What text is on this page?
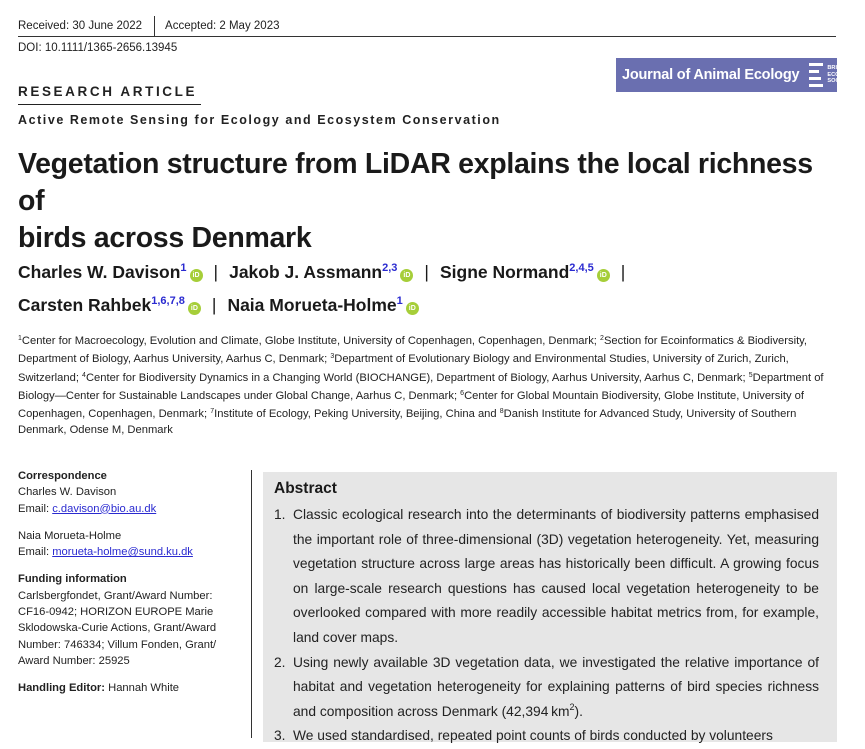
Received: 30 June 2022 Accepted: 2 May 2023
DOI: 10.1111/1365-2656.13945
Journal of Animal Ecology	BRITISH
ECOLOGICAL
SOCIETY
RESEARCH ARTICLE
Active Remote Sensing for Ecology and Ecosystem Conservation
Vegetation structure from LiDAR explains the local richness of
birds across Denmark
Charles W. Davison$^1$iD | Jakob J. Assmann$^{2,3}$iD | Signe Normand$^{2,4,5}$iD |
Carsten Rahbek$^{1,6,7,8}$iD | Naia Morueta-Holme$^1$iD
$^1$Center for Macroecology, Evolution and Climate, Globe Institute, University of Copenhagen, Copenhagen, Denmark; $^2$Section for Ecoinformatics & Biodiversity, Department of Biology, Aarhus University, Aarhus C, Denmark; $^3$Department of Evolutionary Biology and Environmental Studies, University of Zurich, Zurich, Switzerland; $^4$Center for Biodiversity Dynamics in a Changing World (BIOCHANGE), Department of Biology, Aarhus University, Aarhus C, Denmark; $^5$Department of Biology—Center for Sustainable Landscapes under Global Change, Aarhus C, Denmark; $^6$Center for Global Mountain Biodiversity, Globe Institute, University of Copenhagen, Copenhagen, Denmark; $^7$Institute of Ecology, Peking University, Beijing, China and $^8$Danish Institute for Advanced Study, University of Southern Denmark, Odense M, Denmark
Correspondence
Charles W. Davison
Email: c.davison@bio.au.dk
Naia Morueta-Holme
Email: morueta-holme@sund.ku.dk
Funding information
Carlsbergfondet, Grant/Award Number:
CF16-0942; HORIZON EUROPE Marie
Sklodowska-Curie Actions, Grant/Award
Number: 746334; Villum Fonden, Grant/
Award Number: 25925
Handling Editor: Hannah White
Abstract
1. Classic ecological research into the determinants of biodiversity patterns emphasised the important role of three-dimensional (3D) vegetation heterogeneity. Yet, measuring vegetation structure across large areas has historically been difficult. A growing focus on large-scale research questions has caused local vegetation heterogeneity to be overlooked compared with more readily accessible habitat metrics from, for example, land cover maps.
2. Using newly available 3D vegetation data, we investigated the relative importance of habitat and vegetation heterogeneity for explaining patterns of bird species richness and composition across Denmark (42,394 $km^2$).
3. We used standardised, repeated point counts of birds conducted by volunteers
